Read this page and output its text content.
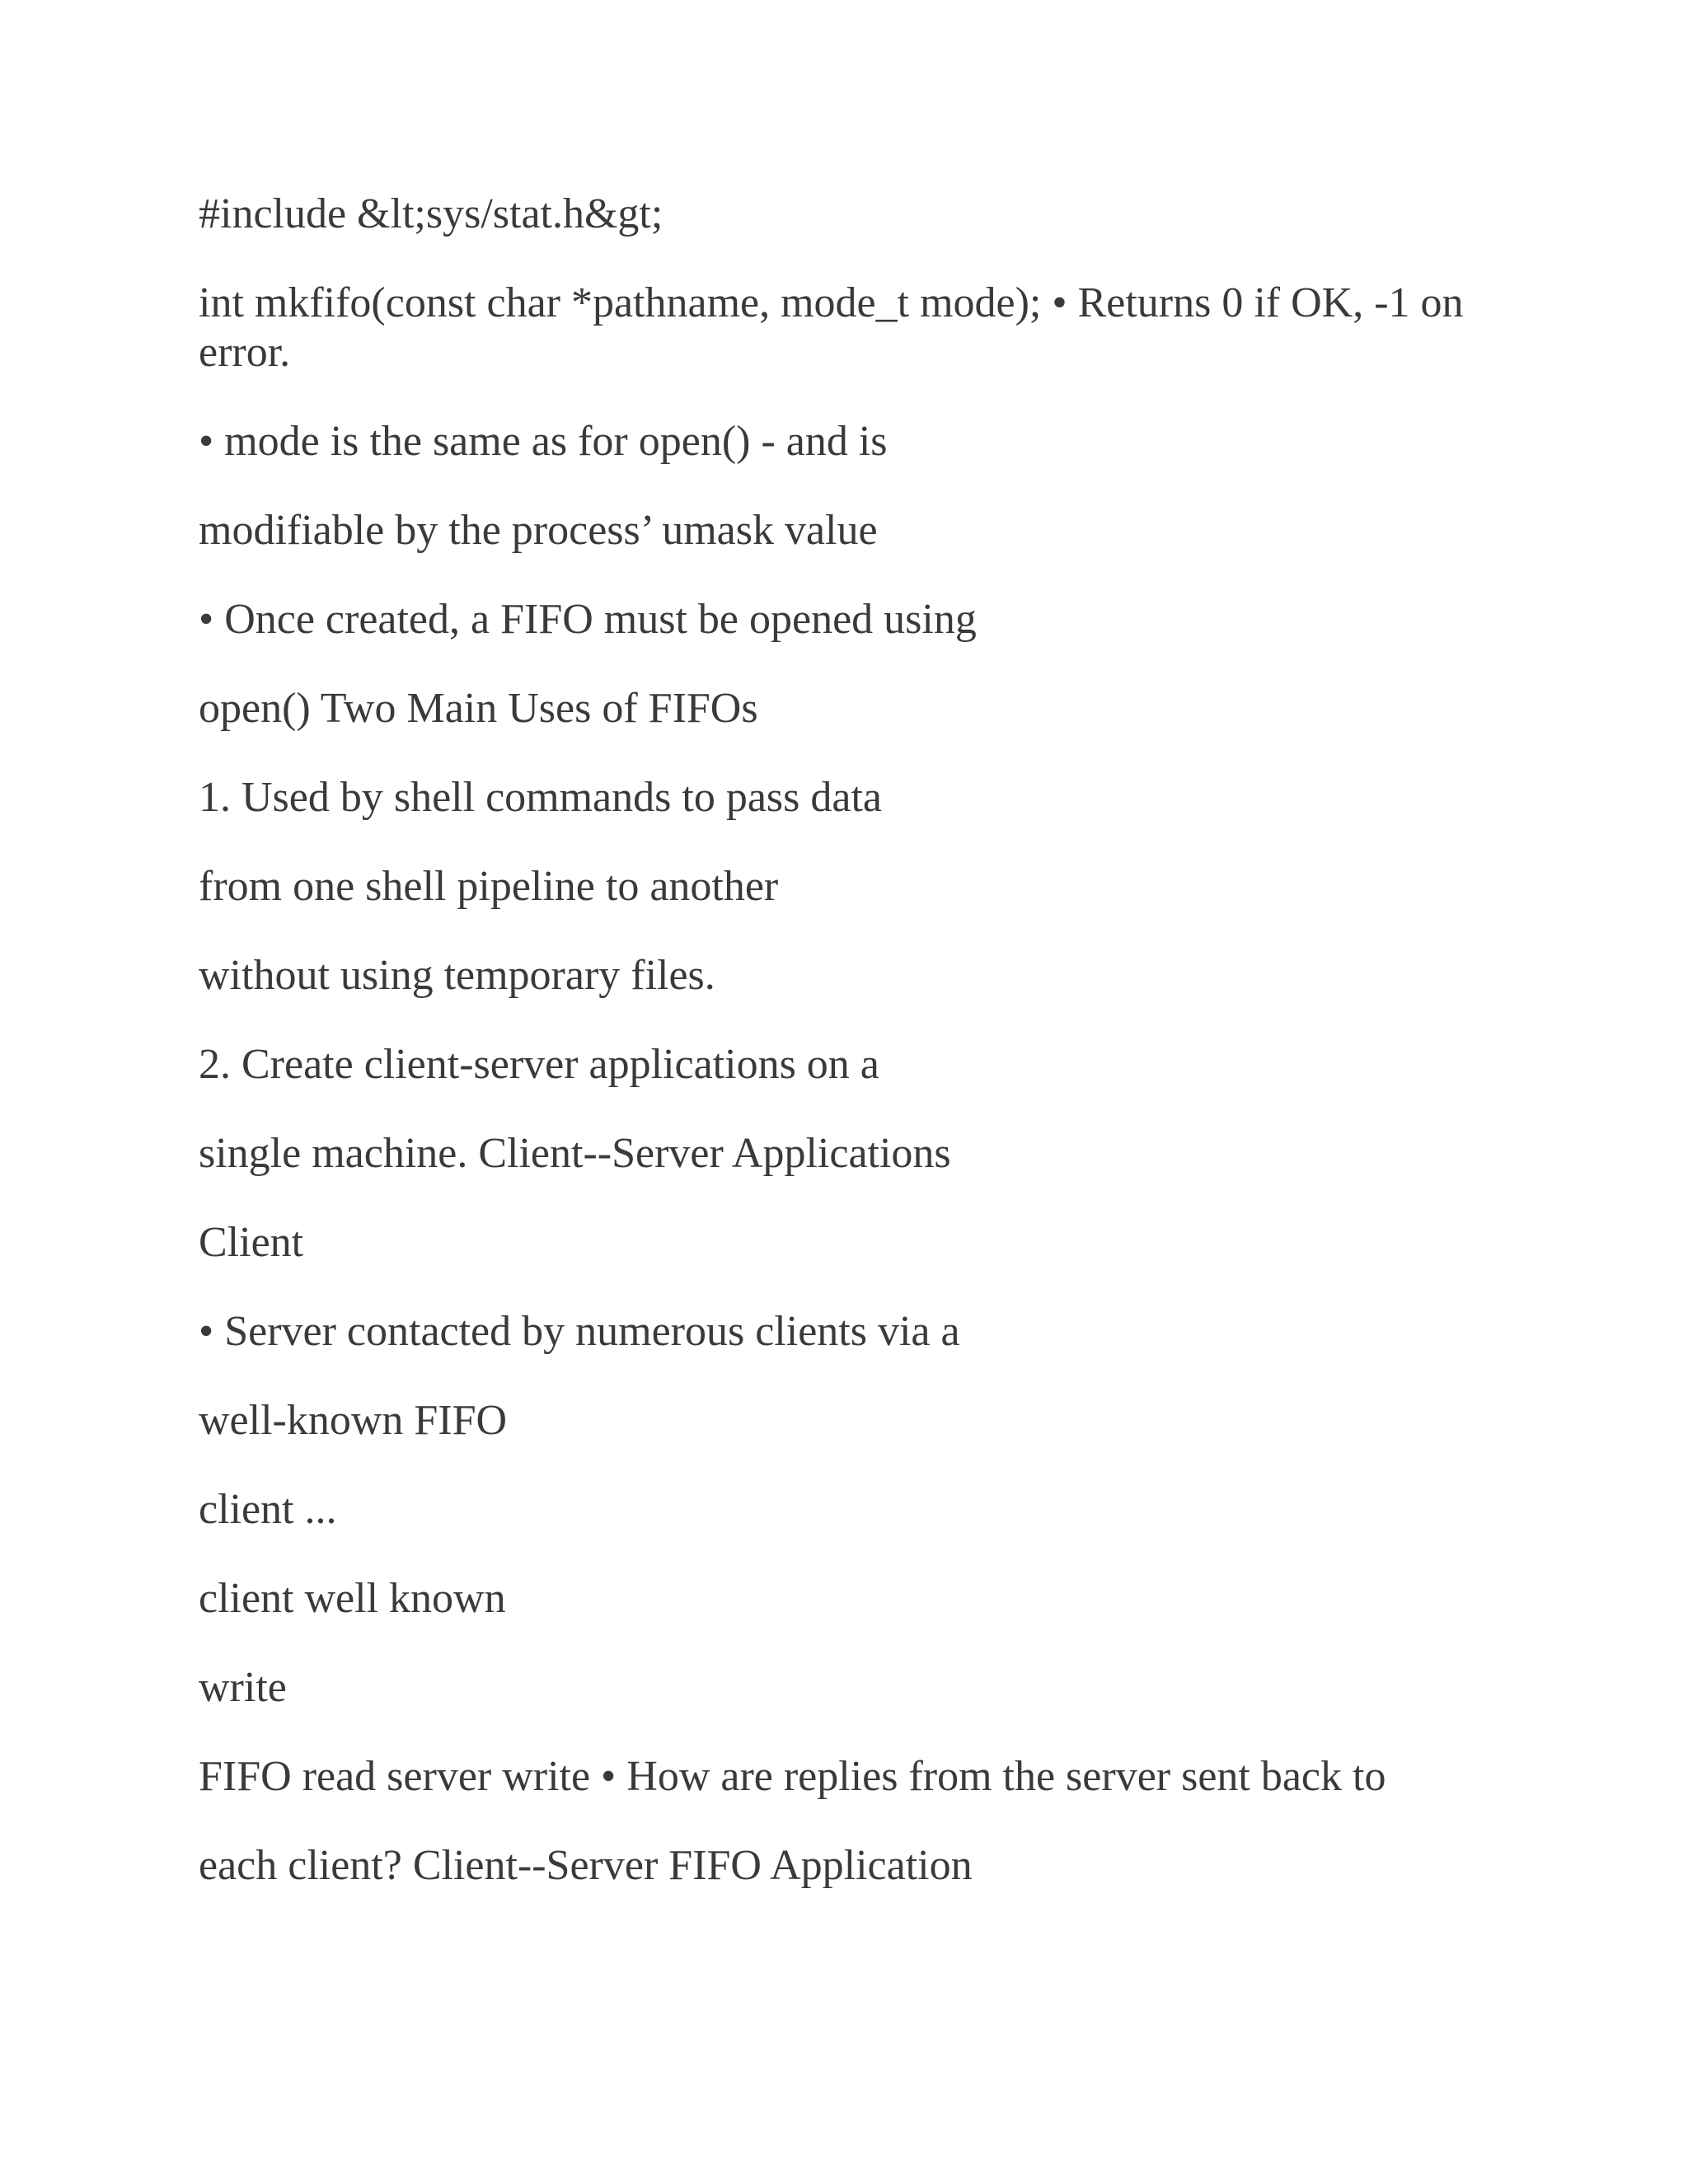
#include &lt;sys/stat.h&gt;

int mkfifo(const char *pathname, mode_t mode); • Returns 0 if OK, -1 on error.

• mode is the same as for open() - and is

modifiable by the process’ umask value

• Once created, a FIFO must be opened using

open() Two Main Uses of FIFOs

1. Used by shell commands to pass data

from one shell pipeline to another

without using temporary files.

2. Create client-server applications on a

single machine. Client--Server Applications

Client

• Server contacted by numerous clients via a

well-known FIFO

client ...

client well known

write

FIFO read server write • How are replies from the server sent back to

each client? Client--Server FIFO Application
